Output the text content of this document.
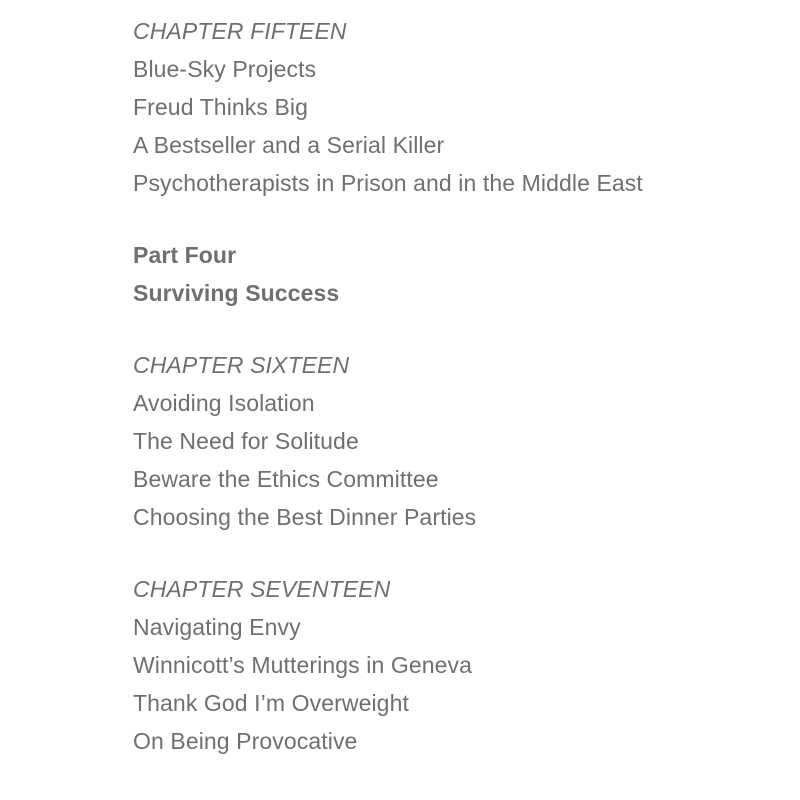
CHAPTER FIFTEEN
Blue-Sky Projects
Freud Thinks Big
A Bestseller and a Serial Killer
Psychotherapists in Prison and in the Middle East
Part Four
Surviving Success
CHAPTER SIXTEEN
Avoiding Isolation
The Need for Solitude
Beware the Ethics Committee
Choosing the Best Dinner Parties
CHAPTER SEVENTEEN
Navigating Envy
Winnicott’s Mutterings in Geneva
Thank God I’m Overweight
On Being Provocative
